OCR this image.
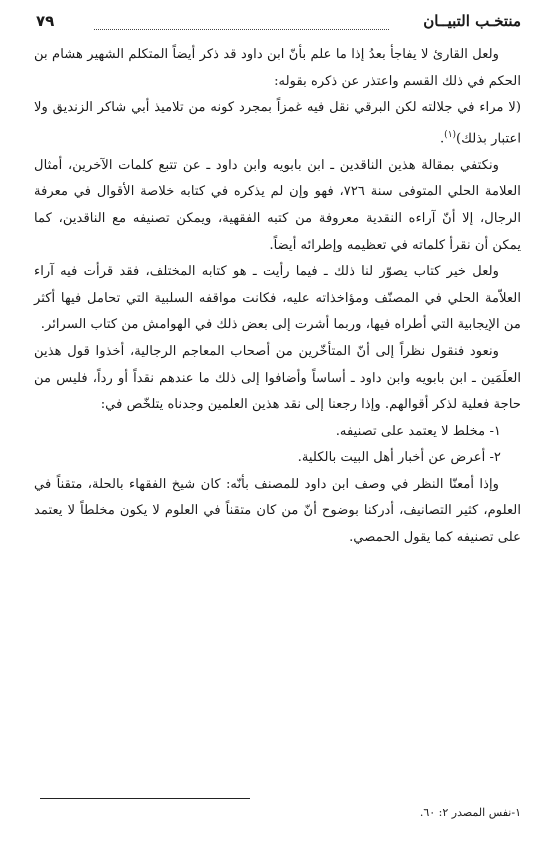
منتخـب التبيــان
٧٩

ولعل القارئ لا يفاجأ بعدُ إذا ما علم بأنّ ابن داود قد ذكر أيضاً المتكلم الشهير هشام بن الحكم في ذلك القسم واعتذر عن ذكره بقوله:

(لا مراء في جلالته لكن البرقي نقل فيه غمزاً بمجرد كونه من تلاميذ أبي شاكر الزنديق ولا اعتبار بذلك)$^{(١)}$.

ونكتفي بمقالة هذين الناقدين ـ ابن بابويه وابن داود ـ عن تتبع كلمات الآخرين، أمثال العلامة الحلي المتوفى سنة ٧٢٦، فهو وإن لم يذكره في كتابه خلاصة الأقوال في معرفة الرجال، إلا أنّ آراءه النقدية معروفة من كتبه الفقهية، ويمكن تصنيفه مع الناقدين، كما يمكن أن نقرأ كلماته في تعظيمه وإطرائه أيضاً.

ولعل خير كتاب يصوّر لنا ذلك ـ فيما رأيت ـ هو كتابه المختلف، فقد قرأت فيه آراء العلاّمة الحلي في المصنّف ومؤاخذاته عليه، فكانت مواقفه السلبية التي تحامل فيها أكثر من الإيجابية التي أطراه فيها، وربما أشرت إلى بعض ذلك في الهوامش من كتاب السرائر.

ونعود فنقول نظراً إلى أنّ المتأخّرين من أصحاب المعاجم الرجالية، أخذوا قول هذين العلَمَين ـ ابن بابويه وابن داود ـ أساساً وأضافوا إلى ذلك ما عندهم نقداً أو رداً، فليس من حاجة فعلية لذكر أقوالهم. وإذا رجعنا إلى نقد هذين العلمين وجدناه يتلخّص في:

١- مخلط لا يعتمد على تصنيفه.

٢- أعرض عن أخبار أهل البيت بالكلية.

وإذا أمعنّا النظر في وصف ابن داود للمصنف بأنّه: كان شيخ الفقهاء بالحلة، متقناً في العلوم، كثير التصانيف، أدركنا بوضوح أنّ من كان متقناً في العلوم لا يكون مخلطاً لا يعتمد على تصنيفه كما يقول الحمصي.

١-نفس المصدر ٢: ٦٠.
